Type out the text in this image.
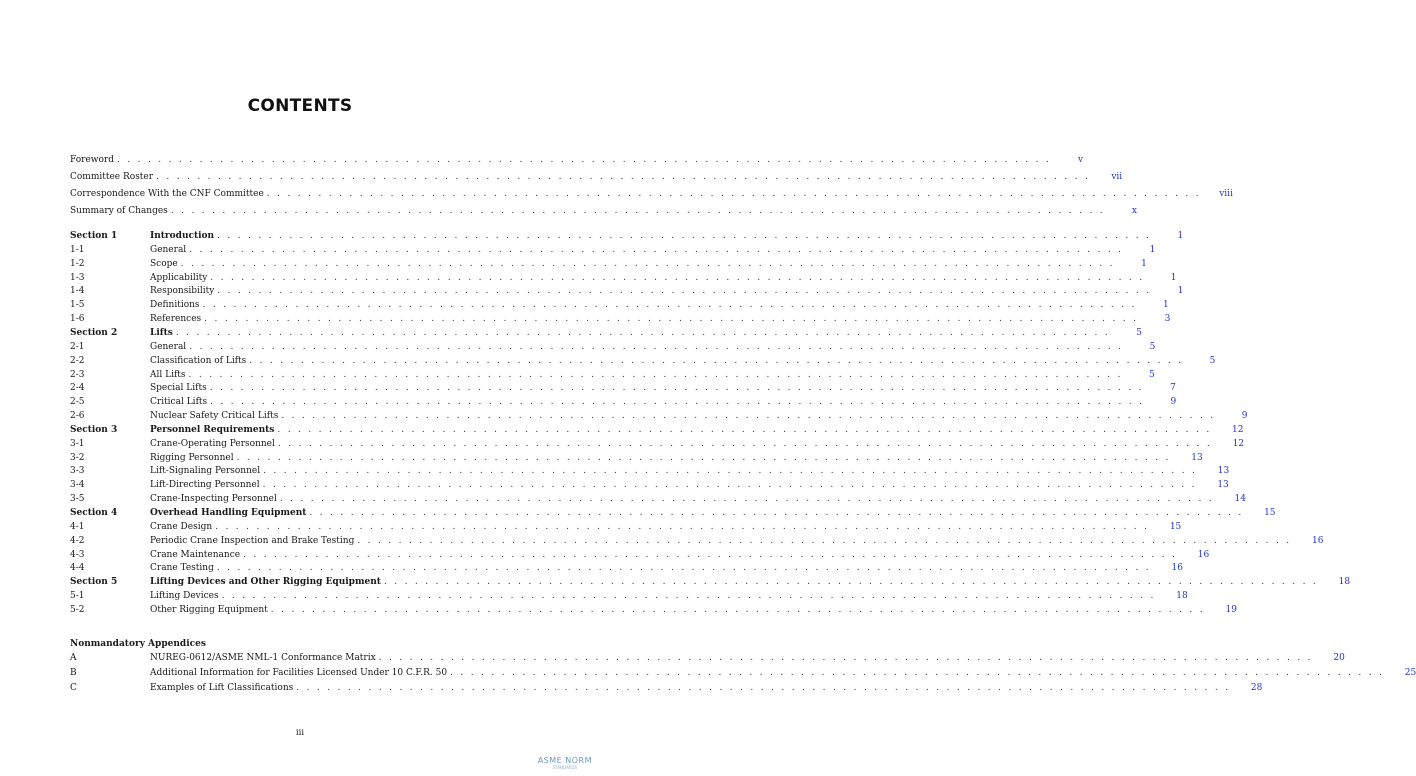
CONTENTS
Foreword . . . . . . . . . . . . . . . . . . . . . . . . . . . . . . . . . . . . . . . . . . . . . . . . . . . . . . . . . . . . . . . . . . . . . . . . . . . . . . . . . . . . . . . . . . .	v
Committee Roster . . . . . . . . . . . . . . . . . . . . . . . . . . . . . . . . . . . . . . . . . . . . . . . . . . . . . . . . . . . . . . . . . . . . . . . . . . . . . . . . . . . . . . . . . . .	vii
Correspondence With the CNF Committee . . . . . . . . . . . . . . . . . . . . . . . . . . . . . . . . . . . . . . . . . . . . . . . . . . . . . . . . . . . . . . . . . . . . . . . . . . . . . . . . . . . . . . . . . . .	viii
Summary of Changes . . . . . . . . . . . . . . . . . . . . . . . . . . . . . . . . . . . . . . . . . . . . . . . . . . . . . . . . . . . . . . . . . . . . . . . . . . . . . . . . . . . . . . . . . . .	x
Section 1	Introduction . . . . . . . . . . . . . . . . . . . . . . . . . . . . . . . . . . . . . . . . . . . . . . . . . . . . . . . . . . . . . . . . . . . . . . . . . . . . . . . . . . . . . . . . . . .	1
1-1	General . . . . . . . . . . . . . . . . . . . . . . . . . . . . . . . . . . . . . . . . . . . . . . . . . . . . . . . . . . . . . . . . . . . . . . . . . . . . . . . . . . . . . . . . . . .	1
1-2	Scope . . . . . . . . . . . . . . . . . . . . . . . . . . . . . . . . . . . . . . . . . . . . . . . . . . . . . . . . . . . . . . . . . . . . . . . . . . . . . . . . . . . . . . . . . . .	1
1-3	Applicability . . . . . . . . . . . . . . . . . . . . . . . . . . . . . . . . . . . . . . . . . . . . . . . . . . . . . . . . . . . . . . . . . . . . . . . . . . . . . . . . . . . . . . . . . . .	1
1-4	Responsibility . . . . . . . . . . . . . . . . . . . . . . . . . . . . . . . . . . . . . . . . . . . . . . . . . . . . . . . . . . . . . . . . . . . . . . . . . . . . . . . . . . . . . . . . . . .	1
1-5	Definitions . . . . . . . . . . . . . . . . . . . . . . . . . . . . . . . . . . . . . . . . . . . . . . . . . . . . . . . . . . . . . . . . . . . . . . . . . . . . . . . . . . . . . . . . . . .	1
1-6	References . . . . . . . . . . . . . . . . . . . . . . . . . . . . . . . . . . . . . . . . . . . . . . . . . . . . . . . . . . . . . . . . . . . . . . . . . . . . . . . . . . . . . . . . . . .	3
Section 2	Lifts . . . . . . . . . . . . . . . . . . . . . . . . . . . . . . . . . . . . . . . . . . . . . . . . . . . . . . . . . . . . . . . . . . . . . . . . . . . . . . . . . . . . . . . . . . .	5
2-1	General . . . . . . . . . . . . . . . . . . . . . . . . . . . . . . . . . . . . . . . . . . . . . . . . . . . . . . . . . . . . . . . . . . . . . . . . . . . . . . . . . . . . . . . . . . .	5
2-2	Classification of Lifts . . . . . . . . . . . . . . . . . . . . . . . . . . . . . . . . . . . . . . . . . . . . . . . . . . . . . . . . . . . . . . . . . . . . . . . . . . . . . . . . . . . . . . . . . . .	5
2-3	All Lifts . . . . . . . . . . . . . . . . . . . . . . . . . . . . . . . . . . . . . . . . . . . . . . . . . . . . . . . . . . . . . . . . . . . . . . . . . . . . . . . . . . . . . . . . . . .	5
2-4	Special Lifts . . . . . . . . . . . . . . . . . . . . . . . . . . . . . . . . . . . . . . . . . . . . . . . . . . . . . . . . . . . . . . . . . . . . . . . . . . . . . . . . . . . . . . . . . . .	7
2-5	Critical Lifts . . . . . . . . . . . . . . . . . . . . . . . . . . . . . . . . . . . . . . . . . . . . . . . . . . . . . . . . . . . . . . . . . . . . . . . . . . . . . . . . . . . . . . . . . . .	9
2-6	Nuclear Safety Critical Lifts . . . . . . . . . . . . . . . . . . . . . . . . . . . . . . . . . . . . . . . . . . . . . . . . . . . . . . . . . . . . . . . . . . . . . . . . . . . . . . . . . . . . . . . . . . .	9
Section 3	Personnel Requirements . . . . . . . . . . . . . . . . . . . . . . . . . . . . . . . . . . . . . . . . . . . . . . . . . . . . . . . . . . . . . . . . . . . . . . . . . . . . . . . . . . . . . . . . . . .	12
3-1	Crane-Operating Personnel . . . . . . . . . . . . . . . . . . . . . . . . . . . . . . . . . . . . . . . . . . . . . . . . . . . . . . . . . . . . . . . . . . . . . . . . . . . . . . . . . . . . . . . . . . .	12
3-2	Rigging Personnel . . . . . . . . . . . . . . . . . . . . . . . . . . . . . . . . . . . . . . . . . . . . . . . . . . . . . . . . . . . . . . . . . . . . . . . . . . . . . . . . . . . . . . . . . . .	13
3-3	Lift-Signaling Personnel . . . . . . . . . . . . . . . . . . . . . . . . . . . . . . . . . . . . . . . . . . . . . . . . . . . . . . . . . . . . . . . . . . . . . . . . . . . . . . . . . . . . . . . . . . .	13
3-4	Lift-Directing Personnel . . . . . . . . . . . . . . . . . . . . . . . . . . . . . . . . . . . . . . . . . . . . . . . . . . . . . . . . . . . . . . . . . . . . . . . . . . . . . . . . . . . . . . . . . . .	13
3-5	Crane-Inspecting Personnel . . . . . . . . . . . . . . . . . . . . . . . . . . . . . . . . . . . . . . . . . . . . . . . . . . . . . . . . . . . . . . . . . . . . . . . . . . . . . . . . . . . . . . . . . . .	14
Section 4	Overhead Handling Equipment . . . . . . . . . . . . . . . . . . . . . . . . . . . . . . . . . . . . . . . . . . . . . . . . . . . . . . . . . . . . . . . . . . . . . . . . . . . . . . . . . . . . . . . . . . .	15
4-1	Crane Design . . . . . . . . . . . . . . . . . . . . . . . . . . . . . . . . . . . . . . . . . . . . . . . . . . . . . . . . . . . . . . . . . . . . . . . . . . . . . . . . . . . . . . . . . . .	15
4-2	Periodic Crane Inspection and Brake Testing . . . . . . . . . . . . . . . . . . . . . . . . . . . . . . . . . . . . . . . . . . . . . . . . . . . . . . . . . . . . . . . . . . . . . . . . . . . . . . . . . . . . . . . . . . .	16
4-3	Crane Maintenance . . . . . . . . . . . . . . . . . . . . . . . . . . . . . . . . . . . . . . . . . . . . . . . . . . . . . . . . . . . . . . . . . . . . . . . . . . . . . . . . . . . . . . . . . . .	16
4-4	Crane Testing . . . . . . . . . . . . . . . . . . . . . . . . . . . . . . . . . . . . . . . . . . . . . . . . . . . . . . . . . . . . . . . . . . . . . . . . . . . . . . . . . . . . . . . . . . .	16
Section 5	Lifting Devices and Other Rigging Equipment . . . . . . . . . . . . . . . . . . . . . . . . . . . . . . . . . . . . . . . . . . . . . . . . . . . . . . . . . . . . . . . . . . . . . . . . . . . . . . . . . . . . . . . . . . .	18
5-1	Lifting Devices . . . . . . . . . . . . . . . . . . . . . . . . . . . . . . . . . . . . . . . . . . . . . . . . . . . . . . . . . . . . . . . . . . . . . . . . . . . . . . . . . . . . . . . . . . .	18
5-2	Other Rigging Equipment . . . . . . . . . . . . . . . . . . . . . . . . . . . . . . . . . . . . . . . . . . . . . . . . . . . . . . . . . . . . . . . . . . . . . . . . . . . . . . . . . . . . . . . . . . .	19
A	NUREG-0612/ASME NML-1 Conformance Matrix . . . . . . . . . . . . . . . . . . . . . . . . . . . . . . . . . . . . . . . . . . . . . . . . . . . . . . . . . . . . . . . . . . . . . . . . . . . . . . . . . . . . . . . . . . .	20
B	Additional Information for Facilities Licensed Under 10 C.F.R. 50 . . . . . . . . . . . . . . . . . . . . . . . . . . . . . . . . . . . . . . . . . . . . . . . . . . . . . . . . . . . . . . . . . . . . . . . . . . . . . . . . . . . . . . . . . . .	25
C	Examples of Lift Classifications . . . . . . . . . . . . . . . . . . . . . . . . . . . . . . . . . . . . . . . . . . . . . . . . . . . . . . . . . . . . . . . . . . . . . . . . . . . . . . . . . . . . . . . . . . .	28
Nonmandatory Appendices
iii
ASME NORM
STANDARDS
